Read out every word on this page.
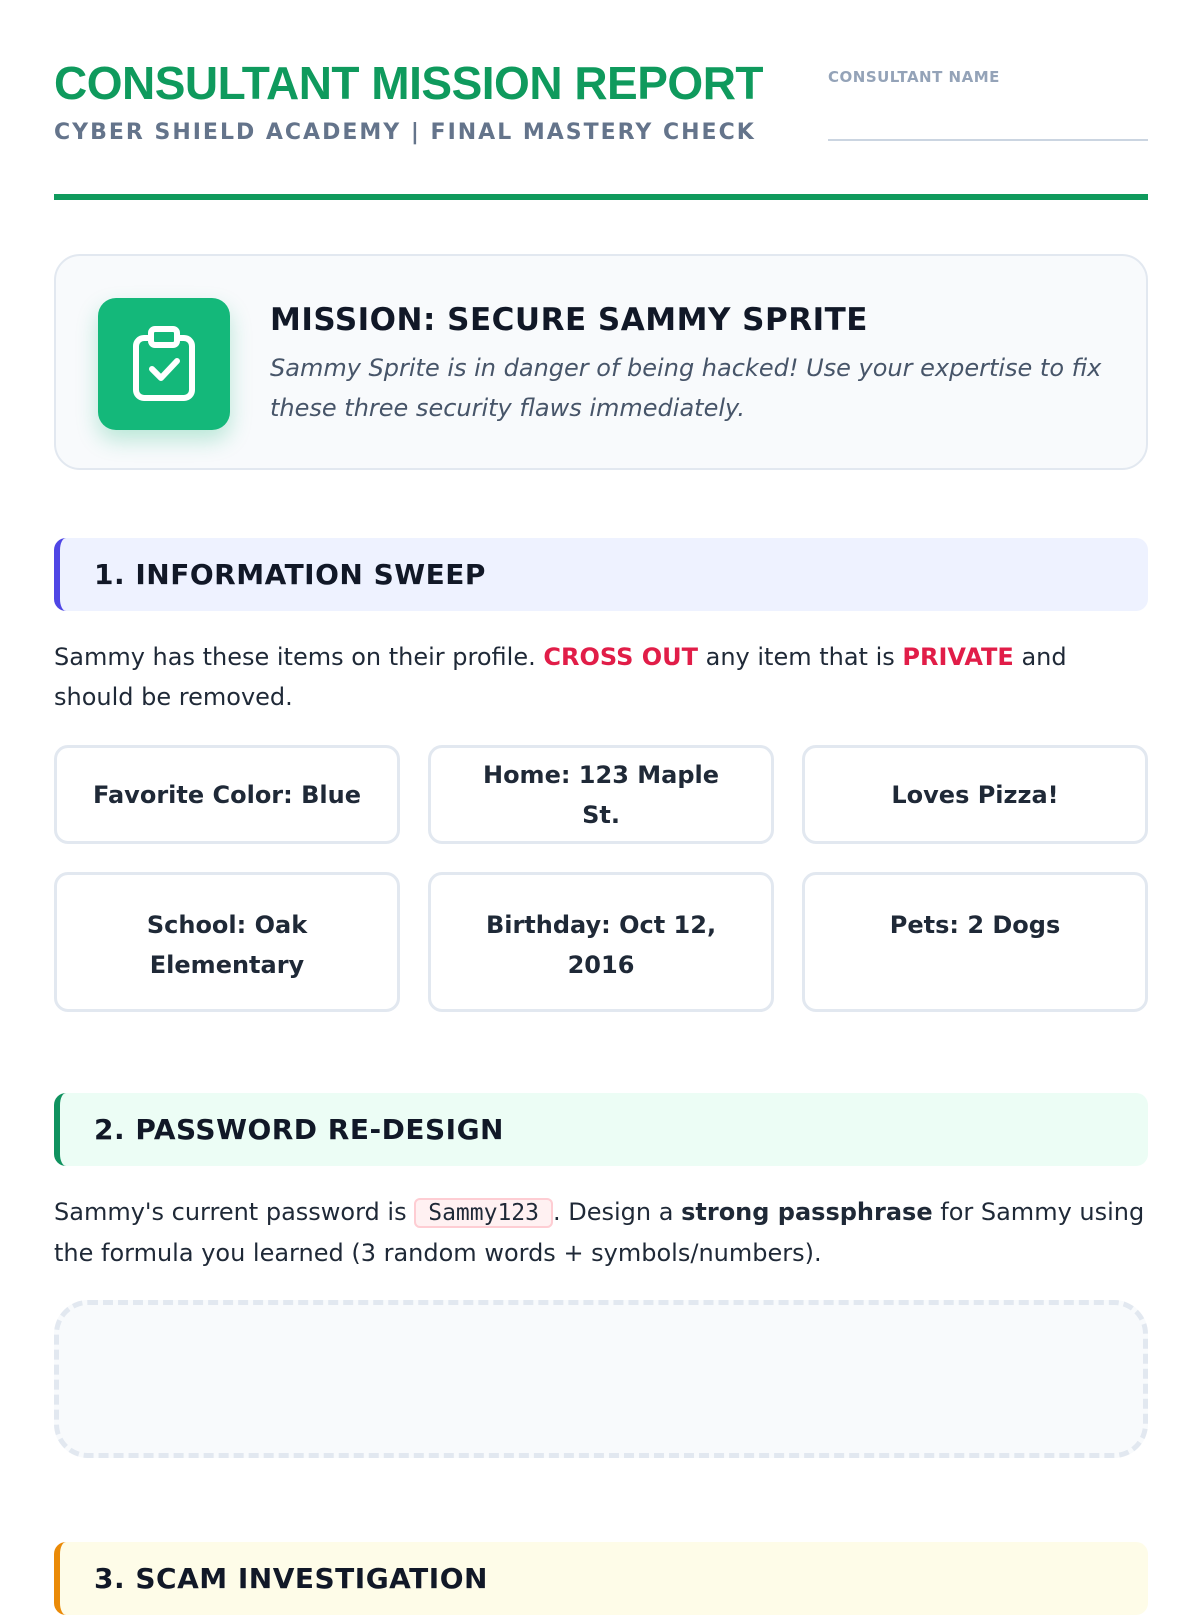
CONSULTANT MISSION REPORT
CYBER SHIELD ACADEMY | FINAL MASTERY CHECK
CONSULTANT NAME
MISSION: SECURE SAMMY SPRITE
Sammy Sprite is in danger of being hacked! Use your expertise to fix these three security flaws immediately.
1. INFORMATION SWEEP
Sammy has these items on their profile. CROSS OUT any item that is PRIVATE and should be removed.
Favorite Color: Blue
Home: 123 Maple St.
Loves Pizza!
School: Oak Elementary
Birthday: Oct 12, 2016
Pets: 2 Dogs
2. PASSWORD RE-DESIGN
Sammy's current password is Sammy123 . Design a strong passphrase for Sammy using the formula you learned (3 random words + symbols/numbers).
3. SCAM INVESTIGATION
